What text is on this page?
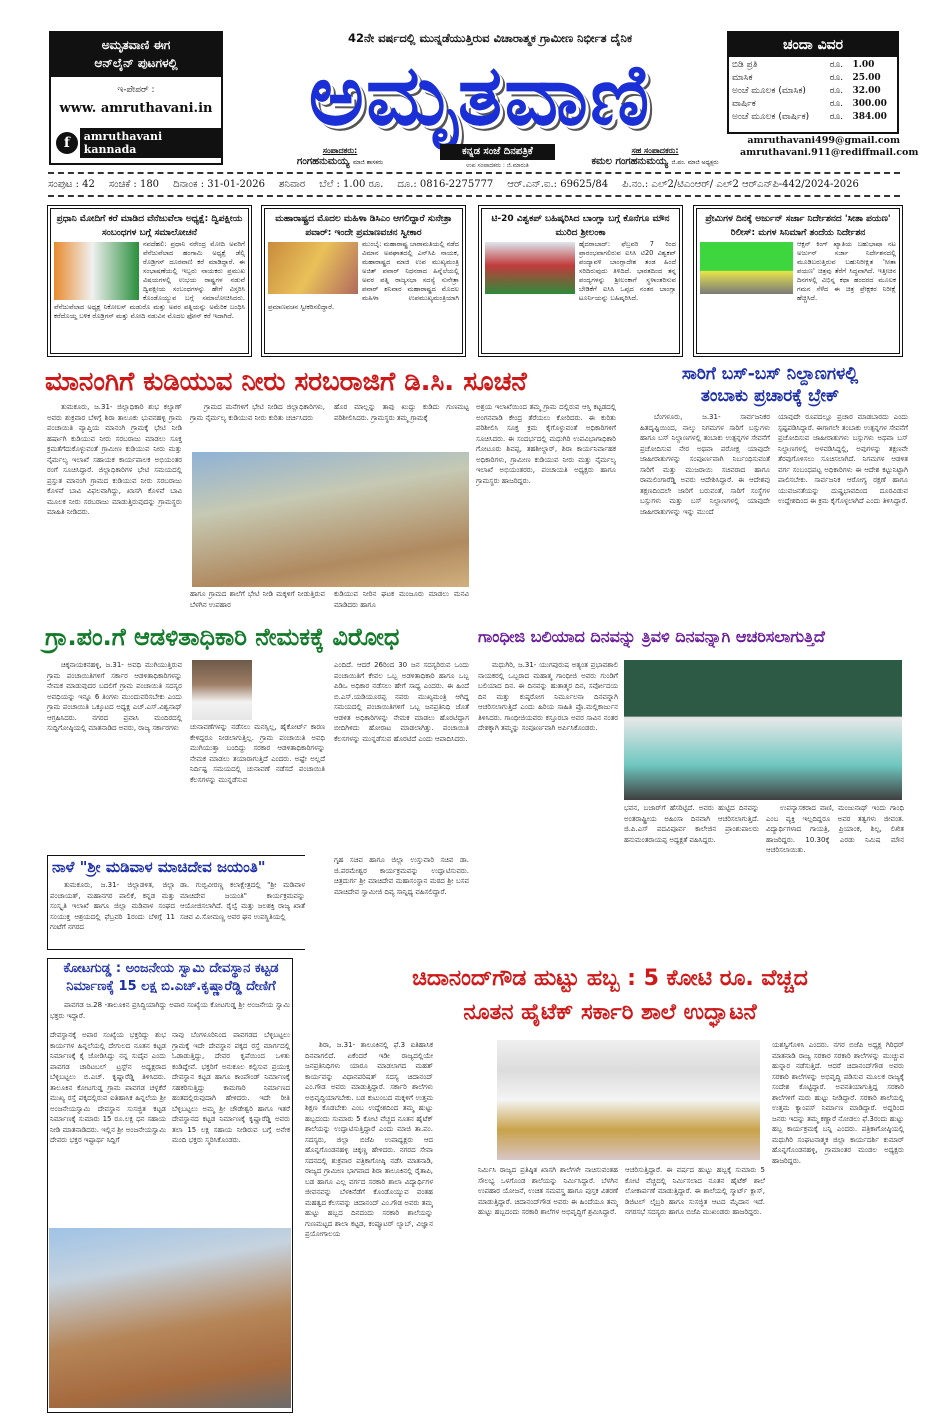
ಅಮೃತವಾಣಿ ಈಗ
ಆನ್‌ಲೈನ್ ಪುಟಗಳಲ್ಲಿ
ಇ-ಪೇಪರ್ :
www. amruthavani.in
f	amruthavani kannada
42ನೇ ವರ್ಷದಲ್ಲಿ ಮುನ್ನಡೆಯುತ್ತಿರುವ ವಿಚಾರಾತ್ಮಕ ಗ್ರಾಮೀಣ ನಿರ್ಭೀತ ದೈನಿಕ
ಅಮೃತವಾಣಿ
ಕನ್ನಡ ಸಂಜೆ ದಿನಪತ್ರಿಕೆ
ಉಪ ಸಂಪಾದಕರು : ಜಿ.ಮಾರುತಿ
ಸಂಪಾದಕರು:
ಗಂಗಹನುಮಯ್ಯ ಮಾಜಿ ಶಾಸಕರು
ಸಹ ಸಂಪಾದಕರು:
ಕಮಲ ಗಂಗಹನುಮಯ್ಯ ಜಿ.ಪಂ. ಮಾಜಿ ಅಧ್ಯಕ್ಷರು
ಚಂದಾ ವಿವರ
ಬಿಡಿ ಪ್ರತಿ	ರೂ.	1.00
ಮಾಸಿಕ	ರೂ.	25.00
ಅಂಚೆ ಮೂಲಕ (ಮಾಸಿಕ)	ರೂ.	32.00
ವಾರ್ಷಿಕ	ರೂ.	300.00
ಅಂಚೆ ಮೂಲಕ (ವಾರ್ಷಿಕ)	ರೂ.	384.00
amruthavani499@gmail.com
amruthavani.911@rediffmail.com
ಸಂಪುಟ : 42 ಸಂಚಿಕೆ : 180 ದಿನಾಂಕ : 31-01-2026 ಶನಿವಾರ ಬೆಲೆ : 1.00 ರೂ. ದೂ.: 0816-2275777 ಆರ್.ಎನ್.ಐ.: 69625/84 ಪಿ.ನಂ.: ಎಲ್2/ಟಿಎಂಆರ್/ ಎಲ್2 ಆರ್‌ಎನ್‌ಪಿ-442/2024-2026
ಪ್ರಧಾನಿ ಮೋದಿಗೆ ಕರೆ ಮಾಡಿದ ವೆನೆಜುವೆಲಾ ಅಧ್ಯಕ್ಷೆ: ದ್ವಿಪಕ್ಷೀಯ ಸಂಬಂಧಗಳ ಬಗ್ಗೆ ಸಮಾಲೋಚನೆ
ನವದೆಹಲಿ: ಪ್ರಧಾನಿ ನರೇಂದ್ರ ಮೋದಿ ಅವರಿಗೆ ವೆನೆಜುವೆಲಾದ ಹಂಗಾಮಿ ಅಧ್ಯಕ್ಷೆ ಡೆಲ್ಸಿ ರೊಡ್ರಿಗಸ್ ದೂರವಾಣಿ ಕರೆ ಮಾಡಿದ್ದಾರೆ. ಈ ಸಂಭಾಷಣೆಯಲ್ಲಿ ಇಬ್ಬರು ನಾಯಕರು ಪ್ರಮುಖ ವಿಷಯಗಳಲ್ಲಿ ಉಭಯ ರಾಷ್ಟ್ರಗಳ ನಡುವೆ ದ್ವಿಪಕ್ಷೀಯ ಸಂಬಂಧಗಳನ್ನು ಹೇಗೆ ವಿಸ್ತರಿಸಿ ಕೊಂಡೊಯ್ಯುವ ಬಗ್ಗೆ ಸಮಾಲೋಚಿಸಿದರು. ವೆನೆಜುವೆಲಾದ ಅಧ್ಯಕ್ಷ ನಿಕೋಲಸ್ ಮಡುರೊ ಮತ್ತು ಅವರ ಪತ್ನಿಯನ್ನು ಅಮೆರಿಕ ಬಂಧಿಸಿ ಕರೆದೊಯ್ದ ಬಳಿಕ ರೊಡ್ರಿಗಸ್ ಮತ್ತು ಮೋದಿ ನಡುವಿನ ಮೊದಲ ಫೋನ್ ಕರೆ ಇದಾಗಿದೆ.
ಮಹಾರಾಷ್ಟ್ರದ ಮೊದಲ ಮಹಿಳಾ ಡಿಸಿಎಂ ಆಗಲಿದ್ದಾರೆ ಸುನೇತ್ರಾ ಪವಾರ್: ಇಂದೇ ಪ್ರಮಾಣವಚನ ಸ್ವೀಕಾರ
ಮುಂಬೈ: ಮಹಾರಾಷ್ಟ್ರ ಬಾರಾಮತಿಯಲ್ಲಿ ನಡೆದ ವಿಮಾನ ಅಪಘಾತದಲ್ಲಿ ಎನ್‌ಸಿಪಿ ನಾಯಕ, ಮಹಾರಾಷ್ಟ್ರದ ಮಾಜಿ ಉಪ ಮುಖ್ಯಮಂತ್ರಿ ಅಜಿತ್ ಪವಾರ್ ನಿಧನರಾದ ಹಿನ್ನೆಲೆಯಲ್ಲಿ ಅವರ ಪತ್ನಿ ರಾಜ್ಯಸಭಾ ಸದಸ್ಯೆ ಸುನೇತ್ರಾ ಪವಾರ್ ಶನಿವಾರ ಮಹಾರಾಷ್ಟ್ರದ ಮೊದಲ ಮಹಿಳಾ ಉಪಮುಖ್ಯಮಂತ್ರಿಯಾಗಿ ಪ್ರಮಾಣವಚನ ಸ್ವೀಕರಿಸಲಿದ್ದಾರೆ.
ಟಿ-20 ವಿಶ್ವಕಪ್ ಬಹಿಷ್ಕರಿಸಿದ ಬಾಂಗ್ಲಾ ಬಗ್ಗೆ ಕೊನೆಗೂ ಮೌನ ಮುರಿದ ಶ್ರೀಲಂಕಾ
ಹೈದರಾಬಾದ್: ಫೆಬ್ರವರಿ 7 ರಿಂದ ಪ್ರಾರಂಭವಾಗಲಿರುವ ಐಸಿಸಿ ಟಿ20 ವಿಶ್ವಕಪ್ ಪಂದ್ಯಾವಳಿ ಬಾಂಗ್ಲಾದೇಶ ತಂಡ ಹಿಂದೆ ಸರಿದಿರುವುದು ತಿಳಿದಿದೆ. ಭಾರತದಿಂದ ತನ್ನ ಪಂದ್ಯಗಳನ್ನು ಶ್ರೀಲಂಕಾಗೆ ಸ್ಥಳಾಂತರಿಸುವ ಬೇಡಿಕೆಗೆ ಐಸಿಸಿ ಒಪ್ಪದ ನಂತರ ಬಾಂಗ್ಲಾ ಟೂರ್ನಿಯನ್ನು ಬಹಿಷ್ಕರಿಸಿದೆ.
ಪ್ರೇಮಿಗಳ ದಿನಕ್ಕೆ ಅರ್ಜುನ್ ಸರ್ಜಾ ನಿರ್ದೇಶನದ 'ಸೀತಾ ಪಯಣ' ರಿಲೀಸ್: ಮಗಳ ಸಿನಿಮಾಗೆ ತಂದೆಯ ನಿರ್ದೇಶನ
ಆಕ್ಷನ್ ಕಿಂಗ್ ಖ್ಯಾತಿಯ ಬಹುಭಾಷಾ ನಟ ಅರ್ಜುನ್ ಸರ್ಜಾ ನಿರ್ದೇಶನದಲ್ಲಿ ಮೂಡಿಬರುತ್ತಿರುವ ಬಹುನಿರೀಕ್ಷಿತ 'ಸೀತಾ ಪಯಣ' ಚಿತ್ರವು ತೆರೆಗೆ ಸಿದ್ಧವಾಗಿದೆ. ಇತ್ತೀಚಿನ ದಿನಗಳಲ್ಲಿ ವಿಭಿನ್ನ ಕಥಾ ಹಂದರದ ಮೂಲಕ ಗಮನ ಸೆಳೆದ ಈ ಚಿತ್ರ ಪ್ರೇಕ್ಷಕರ ನಿರೀಕ್ಷೆ ಹೆಚ್ಚಿಸಿದೆ.
ಮಾನಂಗಿಗೆ ಕುಡಿಯುವ ನೀರು ಸರಬರಾಜಿಗೆ ಡಿ.ಸಿ. ಸೂಚನೆ
ತುಮಕೂರು, ಜ.31- ಜಿಲ್ಲಾಧಿಕಾರಿ ಶುಭ ಕಲ್ಯಾಣ್ ಅವರು ಶುಕ್ರವಾರ ಬೆಳಿಗ್ಗೆ ಶಿರಾ ತಾಲೂಕು ಭುವನಹಳ್ಳಿ ಗ್ರಾಮ ಪಂಚಾಯಿತಿ ವ್ಯಾಪ್ತಿಯ ಮಾನಂಗಿ ಗ್ರಾಮಕ್ಕೆ ಭೇಟಿ ನೀಡಿ ಹರ್ಷಾಗಿ ಕುಡಿಯುವ ನೀರು ಸರಬರಾಜು ಮಾಡಲು ಸೂಕ್ತ ಕ್ರಮತೆಗೆದುಕೊಳ್ಳುವಂತೆ ಗ್ರಾಮೀಣ ಕುಡಿಯುವ ನೀರು ಮತ್ತು ನೈರ್ಮಲ್ಯ ಇಲಾಖೆ ಸಹಾಯಕ ಕಾರ್ಯಪಾಲಕ ಅಭಿಯಂತರ ರಂಗೆ ಸೂಚಿಸಿದ್ದಾರೆ. ಜಿಲ್ಲಾಧಿಕಾರಿಗಳ ಭೇಟಿ ಸಮಯದಲ್ಲಿ ಪ್ರಸ್ತುತ ಮಾನಂಗಿ ಗ್ರಾಮದ ಕುಡಿಯುವ ನೀರು ಸರಬರಾಜು ಕೊಳವೆ ಬಾವಿ ವಿಫಲವಾಗಿದ್ದು, ಖಾಸಗಿ ಕೊಳವೆ ಬಾವಿ ಮೂಲಕ ನೀರು ಸರಬರಾಜು ಮಾಡುತ್ತಿರುವುದನ್ನು ಗ್ರಾಮಸ್ಥರು ಮಾಹಿತಿ ನೀಡಿದರು.
ಗ್ರಾಮದ ಮನೆಗಳಿಗೆ ಭೇಟಿ ನೀಡಿದ ಜಿಲ್ಲಾಧಿಕಾರಿಗಳು, ಗ್ರಾಮ ನೈರ್ಮಲ್ಯ ಕುಡಿಯುವ ನೀರು ಕುರಿತು ಚರ್ಚಿಸಿದರು
ಹೊರ ಮಾಲ್ಲನ್ನು ತಾವು ಖುದ್ದು ಕುಡಿದು ಗುಣಮಟ್ಟ ಪರಿಶೀಲಿಸಿದರು. ಗ್ರಾಮಸ್ಥರು ತಮ್ಮ ಗ್ರಾಮಕ್ಕೆ
ಹಾಗೂ ಗ್ರಾಮದ ಶಾಲೆಗೆ ಭೇಟಿ ನೀಡಿ ಮಕ್ಕಳಿಗೆ ನೀಡುತ್ತಿರುವ ಬೆಳಗಿನ ಉಪಹಾರ
ಕುಡಿಯುವ ನೀರಿನ ಘಟಕ ಮಂಜೂರು ಮಾಡಲು ಮನವಿ ಮಾಡಿದರು ಹಾಗೂ
ಅಶ್ರಯ ಇಲಾಖೆಯಿಂದ ತಮ್ಮ ಗ್ರಾಮ ದಲ್ಲಿರುವ ಆಸ್ತಿ ಕಟ್ಟಡದಲ್ಲಿ ಅಂಗನವಾಡಿ ಕೇಂದ್ರ ತೆರೆಯಲು ಕೋರಿದರು. ಈ ಕುರಿತು ಪರಿಶೀಲಿಸಿ ಸೂಕ್ತ ಕ್ರಮ ಕೈಗೊಳ್ಳುವಂತೆ ಅಧಿಕಾರಿಗಳಿಗೆ ಸೂಚಿಸಿದರು. ಈ ಸಂದರ್ಭದಲ್ಲಿ ಮಧುಗಿರಿ ಉಪವಿಭಾಗಾಧಿಕಾರಿ ಗೋಟೂರು ಶಿವಪ್ಪ, ತಹಶೀಲ್ದಾರ್, ಶಿರಾ ಕಾರ್ಯನಿರ್ವಾಹಕ ಅಧಿಕಾರಿಗಳು, ಗ್ರಾಮೀಣ ಕುಡಿಯುವ ನೀರು ಮತ್ತು ನೈರ್ಮಲ್ಯ ಇಲಾಖೆ ಅಭಿಯಂತರರು, ಪಂಚಾಯತಿ ಅಧ್ಯಕ್ಷರು ಹಾಗೂ ಗ್ರಾಮಸ್ಥರು ಹಾಜರಿದ್ದರು.
ಸಾರಿಗೆ ಬಸ್-ಬಸ್ ನಿಲ್ದಾಣಗಳಲ್ಲಿ
ತಂಬಾಕು ಪ್ರಚಾರಕ್ಕೆ ಬ್ರೇಕ್
ಬೆಂಗಳೂರು, ಜ.31- ಸಾರ್ವಜನಿಕರ ಹಿತದೃಷ್ಟಿಯಿಂದ, ನಾಲ್ಕು ನಿಗಮಗಳ ಸಾರಿಗೆ ಬಸ್ಸುಗಳು ಹಾಗೂ ಬಸ್ ನಿಲ್ದಾಣಗಳಲ್ಲಿ ತಂಬಾಕು ಉತ್ಪನ್ನಗಳ ಸೇವನೆಗೆ ಪ್ರಚೋದಿಸುವ ನೇರ ಅಥವಾ ಪರೋಕ್ಷ ಯಾವುದೇ ಜಾಹೀರಾತುಗಳನ್ನು ಸಂಪೂರ್ಣವಾಗಿ ನಿರ್ಬಂಧಿಸುವಂತೆ ಸಾರಿಗೆ ಮತ್ತು ಮುಜರಾಯಿ ಸಚಿವರಾದ ಹಾಗೂ ರಾಮಲಿಂಗಾರೆಡ್ಡಿ ಅವರು ಆದೇಶಿಸಿದ್ದಾರೆ. ಈ ಆದೇಶವು ತಕ್ಷಣದಿಂದಲೇ ಜಾರಿಗೆ ಬರುವಂತೆ, ಸಾರಿಗೆ ಸಂಸ್ಥೆಗಳ ಬಸ್ಸುಗಳು ಮತ್ತು ಬಸ್ ನಿಲ್ದಾಣಗಳಲ್ಲಿ ಯಾವುದೇ ಜಾಹೀರಾತುಗಳನ್ನು ಇನ್ನು ಮುಂದೆ
ಯಾವುದೇ ರೂಪದಲ್ಲೂ ಪ್ರಚಾರ ಮಾಡಬಾರದು ಎಂದು ಸ್ಪಷ್ಟಪಡಿಸಿದ್ದಾರೆ. ಈಗಾಗಲೇ ತಂಬಾಕು ಉತ್ಪನ್ನಗಳ ಸೇವನೆಗೆ ಪ್ರಚೋದಿಸುವ ಜಾಹೀರಾತುಗಳು ಬಸ್ಸುಗಳು ಅಥವಾ ಬಸ್ ನಿಲ್ದಾಣಗಳಲ್ಲಿ ಅಳವಡಿಸಿದ್ದಲ್ಲಿ, ಅವುಗಳನ್ನು ತಕ್ಷಣವೇ ತೆರವುಗೊಳಿಸಲು ಸೂಚಿಸಲಾಗಿದೆ. ನಿಗಮಗಳ ಆಡಳಿತ ವರ್ಗ ಸಂಬಂಧಪಟ್ಟ ಅಧಿಕಾರಿಗಳು ಈ ಆದೇಶ ಕಟ್ಟುನಿಟ್ಟಾಗಿ ಪಾಲಿಸಬೇಕು. ಸಾರ್ವಜನಿಕ ಆರೋಗ್ಯ ರಕ್ಷಣೆ ಹಾಗೂ ಯುವಜನತೆಯನ್ನು ದುಷ್ಪ್ರಭಾವದಿಂದ ದೂರವಿಡುವ ಉದ್ದೇಶದಿಂದ ಈ ಕ್ರಮ ಕೈಗೊಳ್ಳಲಾಗಿದೆ ಎಂದು ತಿಳಿಸಿದ್ದಾರೆ.
ಗ್ರಾ.ಪಂ.ಗೆ ಆಡಳಿತಾಧಿಕಾರಿ ನೇಮಕಕ್ಕೆ ವಿರೋಧ
ಚಿಕ್ಕನಾಯಕನಹಳ್ಳಿ, ಜ.31- ಅವಧಿ ಮುಗಿಯುತ್ತಿರುವ ಗ್ರಾಮ ಪಂಚಾಯಿತಿಗಳಿಗೆ ಸರ್ಕಾರ ಆಡಳಿತಾಧಿಕಾರಿಗಳನ್ನು ನೇಮಕ ಮಾಡುವುದರ ಬದಲಿಗೆ ಗ್ರಾಮ ಪಂಚಾಯಿತಿ ಸದಸ್ಯರ ಅವಧಿಯನ್ನು ಇನ್ನೂ 6 ತಿಂಗಳು ಮುಂದುವರಿಸಬೇಕು ಎಂದು ಗ್ರಾಮ ಪಂಚಾಯಿತಿ ಒಕ್ಕೂಟದ ಅಧ್ಯಕ್ಷ ಎಚ್.ಎಸ್.ವಿಶ್ವನಾಥ್ ಆಗ್ರಹಿಸಿದರು. ನಗರದ ಪ್ರವಾಸಿ ಮಂದಿರದಲ್ಲಿ ಸುದ್ದಿಗೋಷ್ಠಿಯಲ್ಲಿ ಮಾತನಾಡಿದ ಅವರು, ರಾಜ್ಯ ಸರ್ಕಾರಗಳು	ಚುನಾವಣೆಗಳನ್ನು ನಡೆಸಲು ಮನಸ್ಸಿಲ್ಲ, ಹೈಕೋರ್ಟ್ ಕಾರಣ ಕೇಳಿದ್ದರೂ ನೀಡಲಾಗುತ್ತಿಲ್ಲ. ಗ್ರಾಮ ಪಂಚಾಯಿತಿ ಅವಧಿ ಮುಗಿಯುತ್ತಾ ಬಂದಿದ್ದು ಸರಕಾರ ಆಡಳಿತಾಧಿಕಾರಿಗಳನ್ನು ನೇಮಕ ಮಾಡಲು ತಯಾರಾಗುತ್ತಿದೆ ಎಂದರು. ಅಷ್ಟೇ ಅಲ್ಲದೆ ನಿರ್ದಿಷ್ಟ ಸಮಯದಲ್ಲಿ ಚುನಾವಣೆ ನಡೆಸದೆ ಪಂಚಾಯಿತಿ ಕೆಲಸಗಳನ್ನು ಮುನ್ನಡೆಸುವ
ಎಂದಿದೆ. ಆದರೆ 26ರಿಂದ 30 ಜನ ಸದಸ್ಯರಿರುವ ಒಂದು ಪಂಚಾಯಿತಿಗೆ ಕೇವಲ ಒಬ್ಬ ಅಡಳಿತಾಧಿಕಾರಿ ಹಾಗೂ ಒಬ್ಬ ಪಿಡಿಒ ಅಧಿಕಾರ ನಡೆಸಲು ಹೇಗೆ ಸಾಧ್ಯ ಎಂದರು. ಈ ಹಿಂದೆ ಬಿ.ಎಸ್.ಯಡಿಯೂರಪ್ಪ ನವರು ಮುಖ್ಯಮಂತ್ರಿ ಆಗಿದ್ದ ಸಮಯದಲ್ಲಿ ಪಂಚಾಯಿತಿಗಳಿಗೆ ಒಬ್ಬ ಜನಪ್ರತಿನಿಧಿ ಜೊತೆ ಆಡಳಿತ ಅಧಿಕಾರಿಗಳನ್ನು ನೇಮಕ ಮಾಡಲು ಹೊರಟಿದ್ದಾಗ ಬೀದಿಗಿಳಿದು ಹೋರಾಟ ಮಾಡಲಾಗಿತ್ತು. ಪಂಚಾಯಿತಿ ಕೆಲಸಗಳನ್ನು ಮುನ್ನಡೆಸುವ ಹೊರಟಿದೆ ಎಂದು ಆಪಾದಿಸಿದರು.
ಗಾಂಧೀಜಿ ಬಲಿಯಾದ ದಿನವನ್ನು ತ್ರಿವಳಿ ದಿನವನ್ನಾಗಿ ಆಚರಿಸಲಾಗುತ್ತಿದೆ
ಮಧುಗಿರಿ, ಜ.31- ಯುಗಪುರುಷ ಅತ್ಯಂತ ಪ್ರಭಾವಶಾಲಿ ನಾಯಕರಲ್ಲಿ ಒಬ್ಬರಾದ ಮಹಾತ್ಮ ಗಾಂಧೀಜಿ ಅವರು ಗುಂಡಿಗೆ ಬಲಿಯಾದ ದಿನ. ಈ ದಿನವನ್ನು ಹುತಾತ್ಮರ ದಿನ, ಸರ್ವೋದಯ ದಿನ ಮತ್ತು ಕುಷ್ಠರೋಗ ನಿರ್ಮೂಲನಾ ದಿನವನ್ನಾಗಿ ಆಚರಿಸಲಾಗುತ್ತಿದೆ ಎಂದು ಹಿರಿಯ ಸಾಹಿತಿ ಪ್ರೊ.ಮಲ್ಲಿಕಾರ್ಜುನ ತಿಳಿಸಿದರು. ಗಾಂಧೀಜಿಯವರು ಕಸ್ತೂರಬಾ ಅವರ ಸಾವಿನ ನಂತರ ದೇಶಕ್ಕಾಗಿ ತಮ್ಮನ್ನು ಸಂಪೂರ್ಣವಾಗಿ ಅರ್ಪಿಸಿಕೊಂಡರು.
ಭವನ, ಬಜಾರ್‌ಗೆ ಹೆಸರಿಟ್ಟಿದೆ. ಅವರು ಹುಟ್ಟಿದ ದಿನವನ್ನು ಅಂತರಾಷ್ಟ್ರೀಯ ಅಹಿಂಸಾ ದಿನವಾಗಿ ಆಚರಿಸಲಾಗುತ್ತಿದೆ. ಜಿ.ಪಿ.ಎಸ್ ಪದವಿಪೂರ್ವ ಕಾಲೇಜಿನ ಪ್ರಾಂಶುಪಾಲರು ಹನುಮಂತರಾಯಪ್ಪ ಅಧ್ಯಕ್ಷತೆ ವಹಿಸಿದ್ದರು.
ಉಪನ್ಯಾಸಕರಾದ ವಾಣಿ, ಮಂಜುನಾಥ್ ಇಂದು ಗಾಂಧಿ ಎಂಬ ವ್ಯಕ್ತಿ ಇಲ್ಲದಿದ್ದರೂ ಅವರ ತತ್ವಗಳು ಜೀವಂತ. ವಿದ್ಯಾರ್ಥಿಗಳಾದ ಗಾಯತ್ರಿ, ಪ್ರಿಯಾಂಕ, ಶಿಲ್ಪ, ಲಿಖಿತ ಹಾಜರಿದ್ದರು. 10.30ಕ್ಕೆ ಎರಡು ನಿಮಿಷ ಮೌನ ಆಚರಿಸಲಾಯಿತು.
ನಾಳೆ "ಶ್ರೀ ಮಡಿವಾಳ ಮಾಚಿದೇವ ಜಯಂತಿ"
ತುಮಕೂರು, ಜ.31- ಜಿಲ್ಲಾಡಳಿತ, ಜಿಲ್ಲಾ ಪಂಚಾಯತ್, ಮಹಾನಗರ ಪಾಲಿಕೆ, ಕನ್ನಡ ಮತ್ತು ಸಂಸ್ಕೃತಿ ಇಲಾಖೆ ಹಾಗೂ ಜಿಲ್ಲಾ ಮಡಿವಾಳ ಸಂಘದ ಸಂಯುಕ್ತ ಆಶ್ರಯದಲ್ಲಿ ಫೆಬ್ರವರಿ 1ರಂದು ಬೆಳಿಗ್ಗೆ 11 ಗಂಟೆಗೆ ನಗರದ
ಡಾ. ಗುಬ್ಬಿವೀರಣ್ಣ ಕಲಾಕ್ಷೇತ್ರದಲ್ಲಿ "ಶ್ರೀ ಮಡಿವಾಳ ಮಾಚಿದೇವ ಜಯಂತಿ" ಕಾರ್ಯಕ್ರಮವನ್ನು ಆಯೋಜಿಸಲಾಗಿದೆ. ರೈಲ್ವೆ ಮತ್ತು ಜಲಶಕ್ತಿ ರಾಜ್ಯ ಖಾತೆ ಸಚಿವ ವಿ.ಸೋಮಣ್ಣ ಅವರ ಘನ ಉಪಸ್ಥಿತಿಯಲ್ಲಿ
ಗೃಹ ಸಚಿವ ಹಾಗೂ ಜಿಲ್ಲಾ ಉಸ್ತುವಾರಿ ಸಚಿವ ಡಾ. ಜಿ.ಪರಮೇಶ್ವರ ಕಾರ್ಯಕ್ರಮವನ್ನು ಉದ್ಘಾಟಿಸುವರು. ಚಿತ್ರದುರ್ಗ ಶ್ರೀ ಮಾಚಿದೇವ ಮಹಾಸಂಸ್ಥಾನ ಮಠದ ಶ್ರೀ ಬಸವ ಮಾಚಿದೇವ ಸ್ವಾಮೀಜಿ ದಿವ್ಯ ಸಾನ್ನಿಧ್ಯ ವಹಿಸಲಿದ್ದಾರೆ.
ಕೋಟಗುಡ್ಡ : ಅಂಜನೇಯ ಸ್ವಾಮಿ ದೇವಸ್ಥಾನ ಕಟ್ಟಡ
ನಿರ್ಮಾಣಕ್ಕೆ 15 ಲಕ್ಷ ಬಿ.ಎಚ್.ಕೃಷ್ಣಾರೆಡ್ಡಿ ದೇಣಿಗೆ
ಪಾವಗಡ ಜ.28 -ತಾಲೂಕಿನ ಪ್ರಸಿದ್ಧಿಯಾಗಿದ್ದು ಅಪಾರ ಸಂಖ್ಯೆಯ ಕೋಟಗುಡ್ಡ ಶ್ರೀ ಅಂಜನೇಯ ಸ್ವಾಮಿ ಭಕ್ತರು ಇದ್ದಾರೆ.
ದೇವಸ್ಥಾನಕ್ಕೆ ಅಪಾರ ಸಂಖ್ಯೆಯ ಭಕ್ತರಿದ್ದು ಶುಭ ಕಾರ್ಯಗಳ ಹಿನ್ನಲೆಯಲ್ಲಿ ದೇಗುಲದ ನೂತನ ಕಟ್ಟಡ ನಿರ್ಮಾಣಕ್ಕೆ ಕೈ ಜೋಡಿಸಿದ್ದು ನನ್ನ ಸುದೈವ ಎಂದು ಪಾವಗಡ ಚಾರಿಟಬಲ್ ಟ್ರಸ್ಟ್‌ನ ಅಧ್ಯಕ್ಷರಾದ ಬೆಳ್ಳಿಬಟ್ಟಲು ಬಿ.ಎಚ್. ಕೃಷ್ಣಾರೆಡ್ಡಿ ತಿಳಿಸಿದರು. ತಾಲೂಕಿನ ಕೋಟಗುಡ್ಡ ಗ್ರಾಮ ಪಾವಗಡ ಚಳ್ಳಕೆರೆ ಮುಖ್ಯ ರಸ್ತೆ ಪಕ್ಕದಲ್ಲಿರುವ ಐತಿಹಾಸಿಕ ಹಿನ್ನಲೆಯ ಶ್ರೀ ಅಂಜನೇಯಸ್ವಾಮಿ ದೇವಸ್ಥಾನ ಸುಸಜ್ಜಿತ ಕಟ್ಟಡ ನಿರ್ಮಾಣಕ್ಕೆ ಸುಮಾರು 15 ರೂ.ಲಕ್ಷ ಧನ ಸಹಾಯ ನೀಡಿ ಮಾತನಾಡಿದರು. ಇಲ್ಲಿನ ಶ್ರೀ ಅಂಜನೇಯಸ್ವಾಮಿ ದೇವರು ಭಕ್ತರ ಇಷ್ಟಾರ್ಥ ಸಿದ್ದಿಗೆ
ನಾವು ಬೆಂಗಳೂರಿನಿಂದ ಪಾವಗಡದ ಬೆಳ್ಳಿಬಟ್ಟಲು ಗ್ರಾಮಕ್ಕೆ ಇದೇ ದೇವಸ್ಥಾನ ಪಕ್ಕದ ರಸ್ತೆ ಮಾರ್ಗದಲ್ಲಿ ಓಡಾಡುತ್ತಿದ್ದು, ದೇವರ ಕೃಪೆಯಿಂದ ಒಳಿತು ಕಂಡಿದ್ದೇವೆ. ಭಕ್ತರಿಗೆ ಅನುಕೂಲ ಕಲ್ಪಿಸುವ ಪ್ರಯುಕ್ತ ದೇವಸ್ಥಾನ ಕಟ್ಟಡ ಹಾಗೂ ಕಾಂಪೌಂಡ್ ನಿರ್ಮಾಣಕ್ಕೆ ಸಹಕರಿಸುತ್ತಿದ್ದು ಕಾಮಗಾರಿ ನಿರ್ಮಾಣದ ಹಂತದಲ್ಲಿರುವುದಾಗಿ ಹೇಳಿದರು. ಇದೇ ರೀತಿ ಬೆಳ್ಳಿಬಟ್ಟಲು ಅಮ್ಮ ಶ್ರೀ ಚೌಡೇಶ್ವರಿ ಹಾಗೂ ಇತರೆ ದೇವಸ್ಥಾನದ ಕಟ್ಟಡ ನಿರ್ಮಾಣಕ್ಕೆ ಕೃಷ್ಣಾರೆಡ್ಡಿ ಅವರು ತಲಾ 15 ಲಕ್ಷ ಸಹಾಯ ನೀಡಿರುವ ಬಗ್ಗೆ ಅನೇಕ ಮಂದಿ ಭಕ್ತರು ಸ್ಮರಿಸಿಕೊಂಡರು.
ಚಿದಾನಂದ್‌ಗೌಡ ಹುಟ್ಟು ಹಬ್ಬ : 5 ಕೋಟಿ ರೂ. ವೆಚ್ಚದ
ನೂತನ ಹೈಟೆಕ್ ಸರ್ಕಾರಿ ಶಾಲೆ ಉದ್ಘಾಟನೆ
ಶಿರಾ, ಜ.31- ತಾಲೂಕಿನಲ್ಲಿ ಫೆ.3 ಐತಿಹಾಸಿಕ ದಿನವಾಗಲಿದೆ. ಏಕೆಂದರೆ ಇಡೀ ರಾಜ್ಯದಲ್ಲಿಯೇ ಜನಪ್ರತಿನಿಧಿಗಳು ಯಾರೂ ಮಾಡಲಾಗದ ಮಹತ್ ಕಾರ್ಯವನ್ನು ವಿಧಾನಪರಿಷತ್ ಸದಸ್ಯ ಚಿದಾನಂದ್ ಎಂ.ಗೌಡ ಅವರು ಮಾಡುತ್ತಿದ್ದಾರೆ. ಸರ್ಕಾರಿ ಶಾಲೆಗಳು ಅಭಿವೃದ್ಧಿಯಾಗಬೇಕು. ಬಡ ಕುಟುಂಬದ ಮಕ್ಕಳಿಗೆ ಉತ್ತಮ ಶಿಕ್ಷಣ ಕೊಡಬೇಕು ಎಂಬ ಉದ್ದೇಶದಿಂದ ತಮ್ಮ ಹುಟ್ಟು ಹಬ್ಬದಂದು ಸುಮಾರು 5 ಕೋಟಿ ವೆಚ್ಚದ ನೂತನ ಹೈಟೆಕ್ ಶಾಲೆಯನ್ನು ಉದ್ಘಾಟಿಸುತ್ತಿದ್ದಾರೆ ಎಂದು ಮಾಜಿ ತಾ.ಪಂ. ಸದಸ್ಯರು, ಜಿಲ್ಲಾ ಬಿಜೆಪಿ ಉಪಾಧ್ಯಕ್ಷರು ಆದ ಹೊನ್ನಗೊಂಡನಹಳ್ಳಿ ಚಿಕ್ಕಣ್ಣ ಹೇಳಿದರು. ನಗರದ ಸೇವಾ ಸದನದಲ್ಲಿ ಶುಕ್ರವಾರ ಪತ್ರಿಕಾಗೋಷ್ಠಿ ನಡೆಸಿ ಮಾತನಾಡಿ, ರಾಜ್ಯದ ಗ್ರಾಮೀಣ ಭಾಗವಾದ ಶಿರಾ ತಾಲೂಕಿನಲ್ಲಿ ರೈತಾಪಿ, ಬಡ ಹಾಗೂ ಎಲ್ಲ ವರ್ಗದ ಸರಕಾರಿ ಶಾಲಾ ವಿದ್ಯಾರ್ಥಿಗಳ ಜೀವನವನ್ನು ಬೆಳಕಿನೆಡೆಗೆ ಕೊಂಡೊಯ್ಯುವ ವಂತಹ ಮಹತ್ವದ ಕೆಲಸವನ್ನು ಚಿದಾನಂದ್ ಎಂ.ಗೌಡ ಅವರು ತಮ್ಮ ಹುಟ್ಟು ಹಬ್ಬದ ದಿನದಂದು ಸರಕಾರಿ ಶಾಲೆಯನ್ನು ಗುಣಮಟ್ಟದ ಶಾಲಾ ಕಟ್ಟಡ, ಕಂಪ್ಯೂಟರ್ ಲ್ಯಾಬ್, ವಿಜ್ಞಾನ ಪ್ರಯೋಗಾಲಯ
ನಿರ್ಮಿಸಿ ರಾಜ್ಯದ ಪ್ರತಿಷ್ಠಿತ ಖಾಸಗಿ ಶಾಲೆಗಳೇ ನಾಚಿಸುವಂತಹ ಸೌಲಭ್ಯ ಒಳಗೊಂಡ ಶಾಲೆಯನ್ನು ನಿರ್ಮಿಸಿದ್ದಾರೆ. ಬೆಳಗಿನ ಉಪಹಾರ ಯೋಜನೆ, ಉಚಿತ ಸಮವಸ್ತ್ರ ಹಾಗೂ ಪುಸ್ತಕ ವಿತರಣೆ ಮಾಡುತ್ತಿದ್ದಾರೆ. ಚಿದಾನಂದ್‌ಗೌಡ ಅವರು ಈ ಹಿಂದೆಯೂ ತಮ್ಮ ಹುಟ್ಟು ಹಬ್ಬದಂದು ಸರಕಾರಿ ಶಾಲೆಗಳ ಅಭಿವೃದ್ಧಿಗೆ ಶ್ರಮಿಸಿದ್ದಾರೆ.
ಆಚರಿಸುತ್ತಿದ್ದಾರೆ. ಈ ವರ್ಷದ ಹುಟ್ಟು ಹಬ್ಬಕ್ಕೆ ಸುಮಾರು 5 ಕೋಟಿ ವೆಚ್ಚದಲ್ಲಿ ನಿರ್ಮಿಸಲಾದ ನೂತನ ಹೈಟೆಕ್ ಶಾಲೆ ಲೋಕಾರ್ಪಣೆ ಮಾಡುತ್ತಿದ್ದಾರೆ. ಈ ಶಾಲೆಯಲ್ಲಿ ಸ್ಮಾರ್ಟ್ ಕ್ಲಾಸ್, ಡಿಜಿಟಲ್ ಲೈಬ್ರರಿ ಹಾಗೂ ಸುಸಜ್ಜಿತ ಆಟದ ಮೈದಾನ ಇದೆ. ನಗರಸಭೆ ಸದಸ್ಯರು ಹಾಗೂ ಬಿಜೆಪಿ ಮುಖಂಡರು ಹಾಜರಿದ್ದರು.
ಯಶಸ್ವಿಗೊಳಿಸಿ ಎಂದರು. ನಗರ ಬಿಜೆಪಿ ಅಧ್ಯಕ್ಷ ಗಿರಿಧರ್ ಮಾತನಾಡಿ ರಾಜ್ಯ ಸರಕಾರ ಸರಕಾರಿ ಶಾಲೆಗಳನ್ನು ಮುಚ್ಚುವ ಹುನ್ನಾರ ನಡೆಸುತ್ತಿದೆ. ಆದರೆ ಚಿದಾನಂದ್‌ಗೌಡ ಅವರು ಸರಕಾರಿ ಶಾಲೆಗಳನ್ನು ಅಭಿವೃದ್ಧಿ ಪಡಿಸುವ ಮೂಲಕ ರಾಜ್ಯಕ್ಕೆ ಸಂದೇಶ ಕೊಟ್ಟಿದ್ದಾರೆ. ಅವನತಿಯಾಗುತ್ತಿದ್ದ ಸರಕಾರಿ ಶಾಲೆಗಳಿಗೆ ಮರು ಹುಟ್ಟು ನೀಡಿದ್ದಾರೆ. ಸರಕಾರಿ ಶಾಲೆಯಲ್ಲಿ ಉತ್ತಮ ಕ್ಯಾಂಪಸ್ ನಿರ್ಮಾಣ ಮಾಡಿದ್ದಾರೆ. ಅದ್ದರಿಂದ ಜನರು ಇದನ್ನು ತಮ್ಮ ಕಣ್ಣಾರೆ ನೋಡಲು ಫೆ.3ರಂದು ಹುಟ್ಟು ಹಬ್ಬ ಕಾರ್ಯಕ್ರಮಕ್ಕೆ ಬನ್ನಿ ಎಂದರು. ಪತ್ರಿಕಾಗೋಷ್ಠಿಯಲ್ಲಿ ಮಧುಗಿರಿ ಸಂಘಟನಾತ್ಮಕ ಜಿಲ್ಲಾ ಕಾರ್ಯದರ್ಶಿ ಕುಮಾರ್ ಹೊನ್ನಗೊಂಡನಹಳ್ಳಿ, ಗ್ರಾಮಾಂತರ ಮಂಡಲ ಅಧ್ಯಕ್ಷರು ಹಾಜರಿದ್ದರು.
